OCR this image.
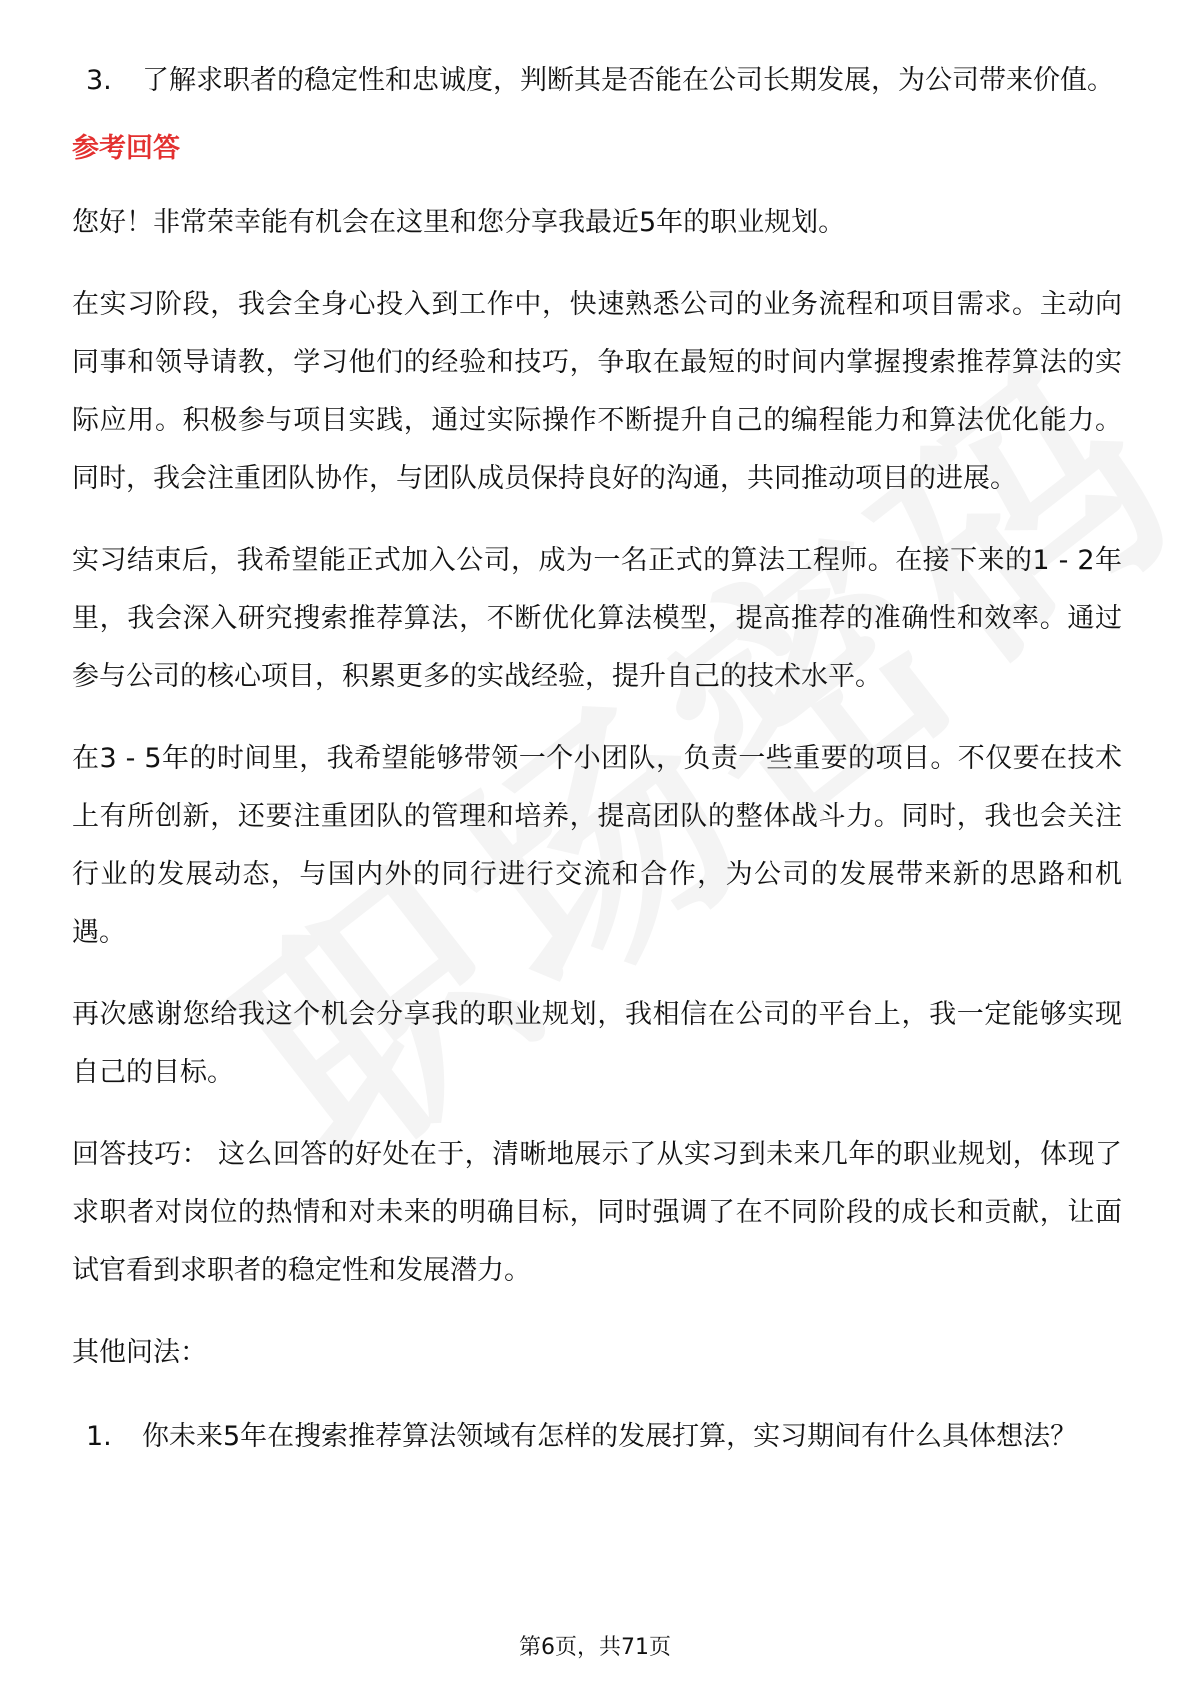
3. 了解求职者的稳定性和忠诚度，判断其是否能在公司长期发展，为公司带来价值。
参考回答
您好！非常荣幸能有机会在这里和您分享我最近5年的职业规划。
在实习阶段，我会全身心投入到工作中，快速熟悉公司的业务流程和项目需求。主动向同事和领导请教，学习他们的经验和技巧，争取在最短的时间内掌握搜索推荐算法的实际应用。积极参与项目实践，通过实际操作不断提升自己的编程能力和算法优化能力。同时，我会注重团队协作，与团队成员保持良好的沟通，共同推动项目的进展。
实习结束后，我希望能正式加入公司，成为一名正式的算法工程师。在接下来的1 - 2年里，我会深入研究搜索推荐算法，不断优化算法模型，提高推荐的准确性和效率。通过参与公司的核心项目，积累更多的实战经验，提升自己的技术水平。
在3 - 5年的时间里，我希望能够带领一个小团队，负责一些重要的项目。不仅要在技术上有所创新，还要注重团队的管理和培养，提高团队的整体战斗力。同时，我也会关注行业的发展动态，与国内外的同行进行交流和合作，为公司的发展带来新的思路和机遇。
再次感谢您给我这个机会分享我的职业规划，我相信在公司的平台上，我一定能够实现自己的目标。
回答技巧： 这么回答的好处在于，清晰地展示了从实习到未来几年的职业规划，体现了求职者对岗位的热情和对未来的明确目标，同时强调了在不同阶段的成长和贡献，让面试官看到求职者的稳定性和发展潜力。
其他问法：
1. 你未来5年在搜索推荐算法领域有怎样的发展打算，实习期间有什么具体想法？
第6页，共71页
